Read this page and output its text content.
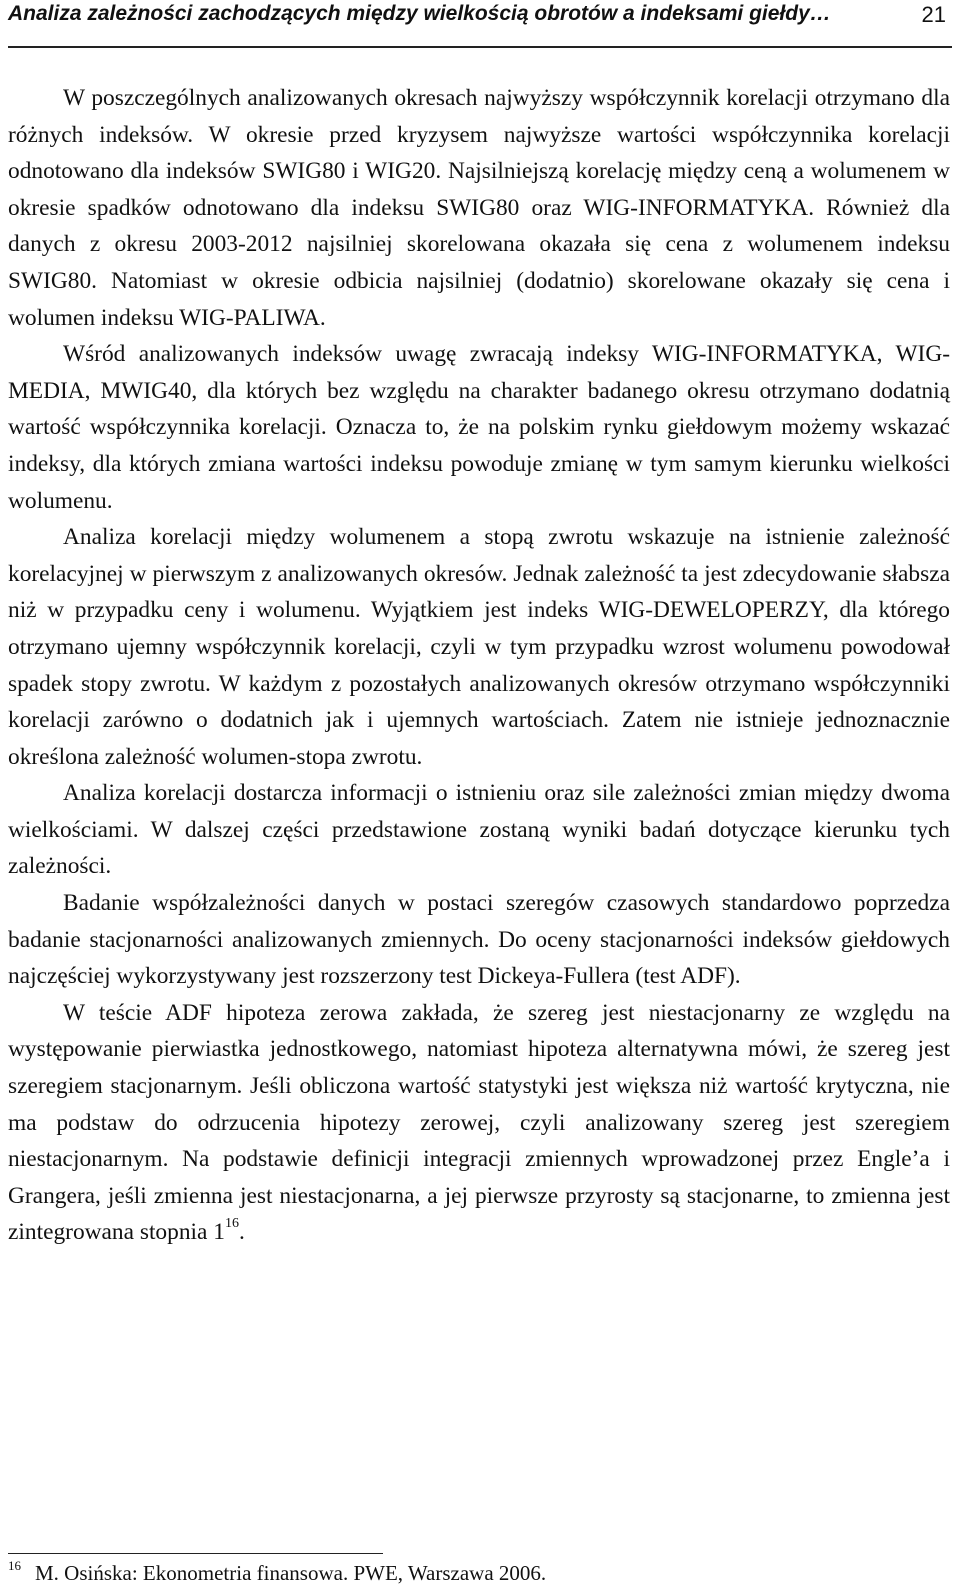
Analiza zależności zachodzących między wielkością obrotów a indeksami giełdy…	21

W poszczególnych analizowanych okresach najwyższy współczynnik korelacji otrzymano dla różnych indeksów. W okresie przed kryzysem najwyższe wartości współczynnika korelacji odnotowano dla indeksów SWIG80 i WIG20. Najsilniejszą korelację między ceną a wolumenem w okresie spadków odnotowano dla indeksu SWIG80 oraz WIG-INFORMATYKA. Również dla danych z okresu 2003-2012 najsilniej skorelowana okazała się cena z wolumenem indeksu SWIG80. Natomiast w okresie odbicia najsilniej (dodatnio) skorelowane okazały się cena i wolumen indeksu WIG-PALIWA.

Wśród analizowanych indeksów uwagę zwracają indeksy WIG-INFORMATYKA, WIG-MEDIA, MWIG40, dla których bez względu na charakter badanego okresu otrzymano dodatnią wartość współczynnika korelacji. Oznacza to, że na polskim rynku giełdowym możemy wskazać indeksy, dla których zmiana wartości indeksu powoduje zmianę w tym samym kierunku wielkości wolumenu.

Analiza korelacji między wolumenem a stopą zwrotu wskazuje na istnienie zależność korelacyjnej w pierwszym z analizowanych okresów. Jednak zależność ta jest zdecydowanie słabsza niż w przypadku ceny i wolumenu. Wyjątkiem jest indeks WIG-DEWELOPERZY, dla którego otrzymano ujemny współczynnik korelacji, czyli w tym przypadku wzrost wolumenu powodował spadek stopy zwrotu. W każdym z pozostałych analizowanych okresów otrzymano współczynniki korelacji zarówno o dodatnich jak i ujemnych wartościach. Zatem nie istnieje jednoznacznie określona zależność wolumen-stopa zwrotu.

Analiza korelacji dostarcza informacji o istnieniu oraz sile zależności zmian między dwoma wielkościami. W dalszej części przedstawione zostaną wyniki badań dotyczące kierunku tych zależności.

Badanie współzależności danych w postaci szeregów czasowych standardowo poprzedza badanie stacjonarności analizowanych zmiennych. Do oceny stacjonarności indeksów giełdowych najczęściej wykorzystywany jest rozszerzony test Dickeya-Fullera (test ADF).

W teście ADF hipoteza zerowa zakłada, że szereg jest niestacjonarny ze względu na występowanie pierwiastka jednostkowego, natomiast hipoteza alternatywna mówi, że szereg jest szeregiem stacjonarnym. Jeśli obliczona wartość statystyki jest większa niż wartość krytyczna, nie ma podstaw do odrzucenia hipotezy zerowej, czyli analizowany szereg jest szeregiem niestacjonarnym. Na podstawie definicji integracji zmiennych wprowadzonej przez Engle’a i Grangera, jeśli zmienna jest niestacjonarna, a jej pierwsze przyrosty są stacjonarne, to zmienna jest zintegrowana stopnia $1^{16}$.

$^{16}$ M. Osińska: Ekonometria finansowa. PWE, Warszawa 2006.
